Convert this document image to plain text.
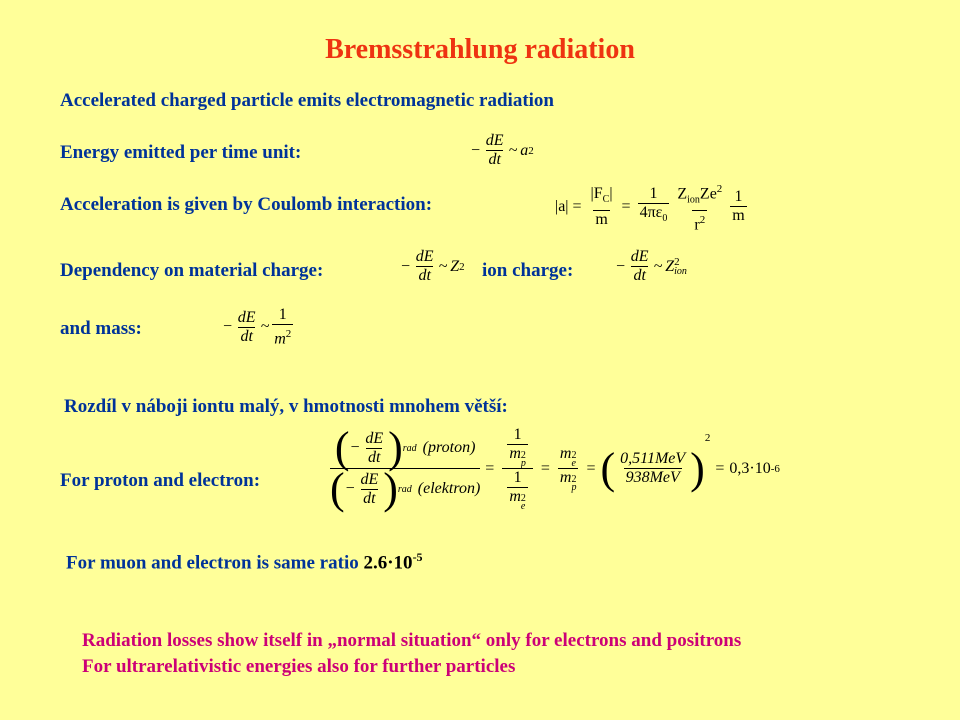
Bremsstrahlung radiation
Accelerated charged particle emits electromagnetic radiation
Energy emitted per time unit:	− $\frac{dE}{dt}$ ~ a 2
Acceleration is given by Coulomb interaction:	$|a| = \frac{|F_C|}{m} = \frac{1}{4\pi\varepsilon_0} \frac{Z_{ion}Ze^2}{r^2} \frac{1}{m}$
Dependency on material charge:	− $\frac{dE}{dt}$ ~ Z 2 ion charge:	− $\frac{dE}{dt}$ ~ Z 2
ion
and mass:	− $\frac{dE}{dt}$ ~ $\frac{1}{m^2}$
Rozdíl v náboji iontu malý, v hmotnosti mnohem větší:
For proton and electron: $\frac{( - \frac{dE}{dt} ) rad (proton)}{( - \frac{dE}{dt} ) rad (elektron)} = 1$
m 2
p
1
m 2
e = m 2
e
m 2
p = ( $\frac{\text{0,511MeV}}{\text{938MeV}}$ )
2
= 0,3·10 -6
For muon and electron is same ratio $2.6\cdot 10^{-5}$
Radiation losses show itself in „normal situation“ only for electrons and positrons
For ultrarelativistic energies also for further particles
